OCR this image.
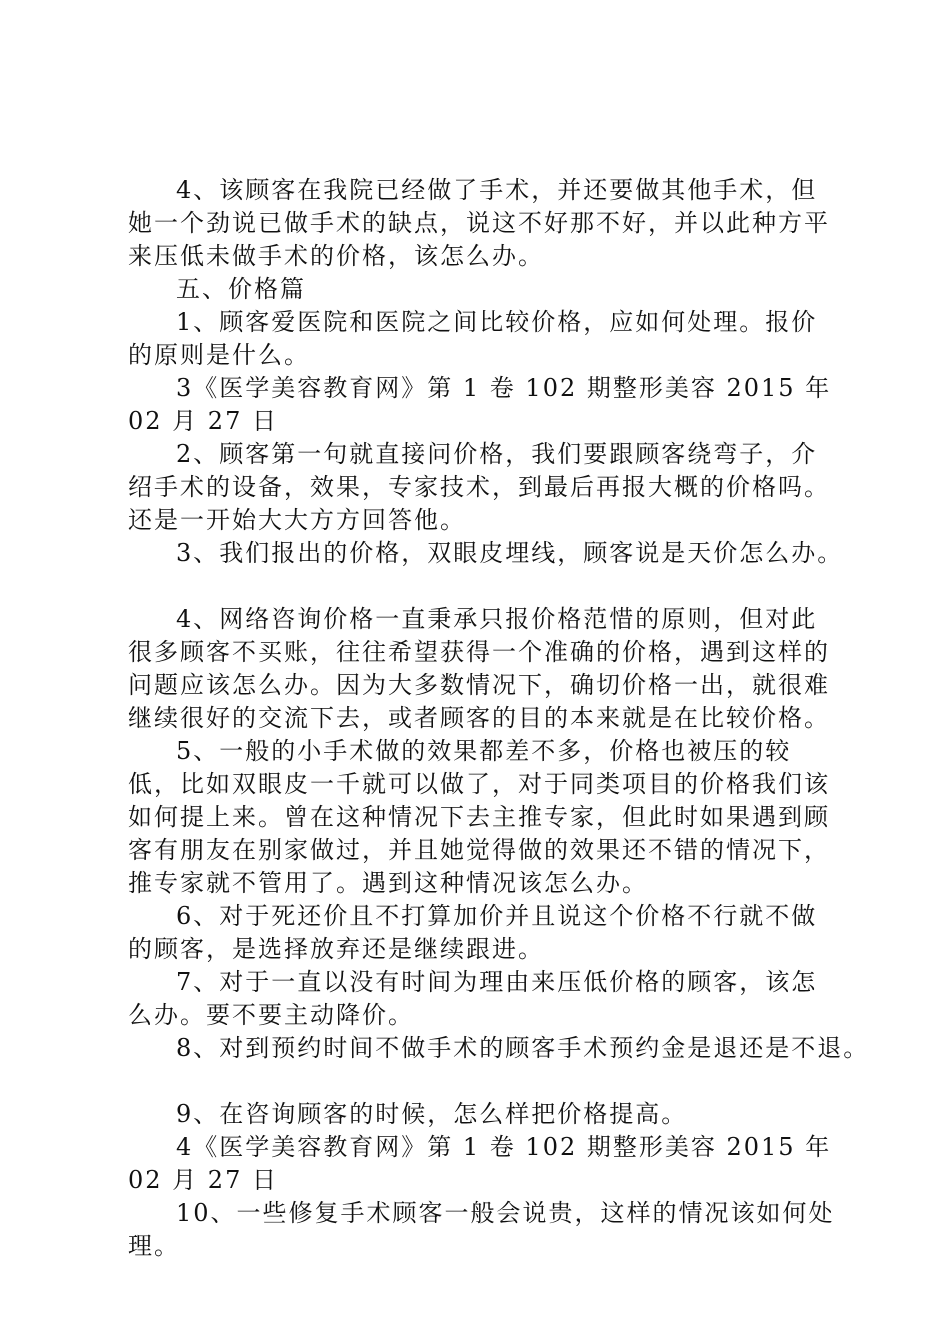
4、该顾客在我院已经做了手术，并还要做其他手术，但她一个劲说已做手术的缺点，说这不好那不好，并以此种方平来压低未做手术的价格，该怎么办。

五、价格篇

1、顾客爱医院和医院之间比较价格，应如何处理。报价的原则是什么。

3《医学美容教育网》第 1 卷 102 期整形美容 2015 年 02 月 27 日

2、顾客第一句就直接问价格，我们要跟顾客绕弯子，介绍手术的设备，效果，专家技术，到最后再报大概的价格吗。还是一开始大大方方回答他。

3、我们报出的价格，双眼皮埋线，顾客说是天价怎么办。

4、网络咨询价格一直秉承只报价格范惜的原则，但对此很多顾客不买账，往往希望获得一个准确的价格，遇到这样的问题应该怎么办。因为大多数情况下，确切价格一出，就很难继续很好的交流下去，或者顾客的目的本来就是在比较价格。

5、一般的小手术做的效果都差不多，价格也被压的较低，比如双眼皮一千就可以做了，对于同类项目的价格我们该如何提上来。曾在这种情况下去主推专家，但此时如果遇到顾客有朋友在别家做过，并且她觉得做的效果还不错的情况下，推专家就不管用了。遇到这种情况该怎么办。

6、对于死还价且不打算加价并且说这个价格不行就不做的顾客，是选择放弃还是继续跟进。

7、对于一直以没有时间为理由来压低价格的顾客，该怎么办。要不要主动降价。

8、对到预约时间不做手术的顾客手术预约金是退还是不退。

9、在咨询顾客的时候，怎么样把价格提高。

4《医学美容教育网》第 1 卷 102 期整形美容 2015 年 02 月 27 日

10、一些修复手术顾客一般会说贵，这样的情况该如何处理。
